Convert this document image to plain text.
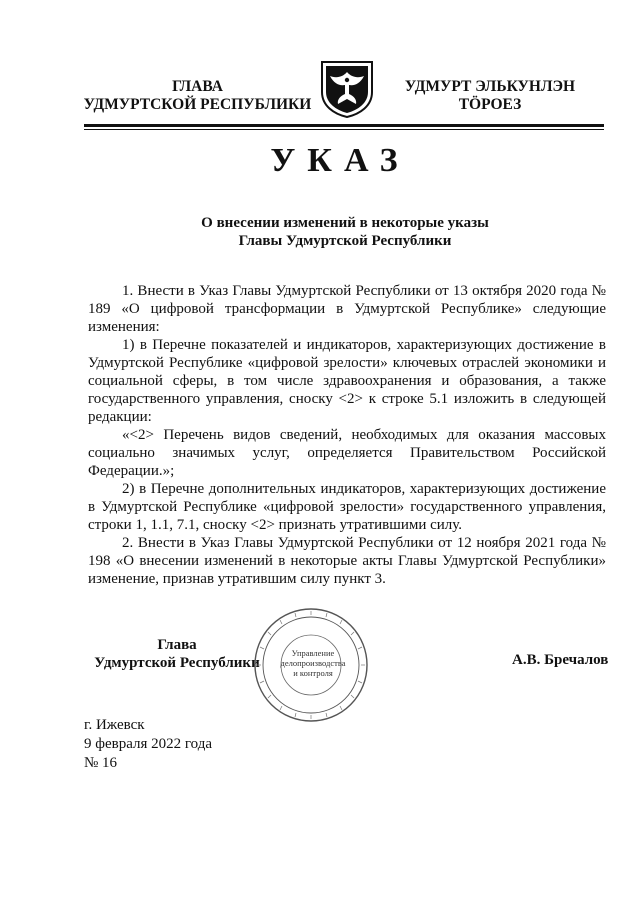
ГЛАВА
УДМУРТСКОЙ РЕСПУБЛИКИ
УДМУРТ ЭЛЬКУНЛЭН
ТӦРОЕЗ
УКАЗ
О внесении изменений в некоторые указы
Главы Удмуртской Республики

1. Внести в Указ Главы Удмуртской Республики от 13 октября 2020 года № 189 «О цифровой трансформации в Удмуртской Республике» следующие изменения:

1) в Перечне показателей и индикаторов, характеризующих достижение в Удмуртской Республике «цифровой зрелости» ключевых отраслей экономики и социальной сферы, в том числе здравоохранения и образования, а также государственного управления, сноску <2> к строке 5.1 изложить в следующей редакции:

«<2> Перечень видов сведений, необходимых для оказания массовых социально значимых услуг, определяется Правительством Российской Федерации.»;

2) в Перечне дополнительных индикаторов, характеризующих достижение в Удмуртской Республике «цифровой зрелости» государственного управления, строки 1, 1.1, 7.1, сноску <2> признать утратившими силу.

2. Внести в Указ Главы Удмуртской Республики от 12 ноября 2021 года № 198 «О внесении изменений в некоторые акты Главы Удмуртской Республики» изменение, признав утратившим силу пункт 3.

Глава
Удмуртской Республики
Управление
делопроизводства
и контроля
А.В. Бречалов
г. Ижевск
9 февраля 2022 года
№ 16
